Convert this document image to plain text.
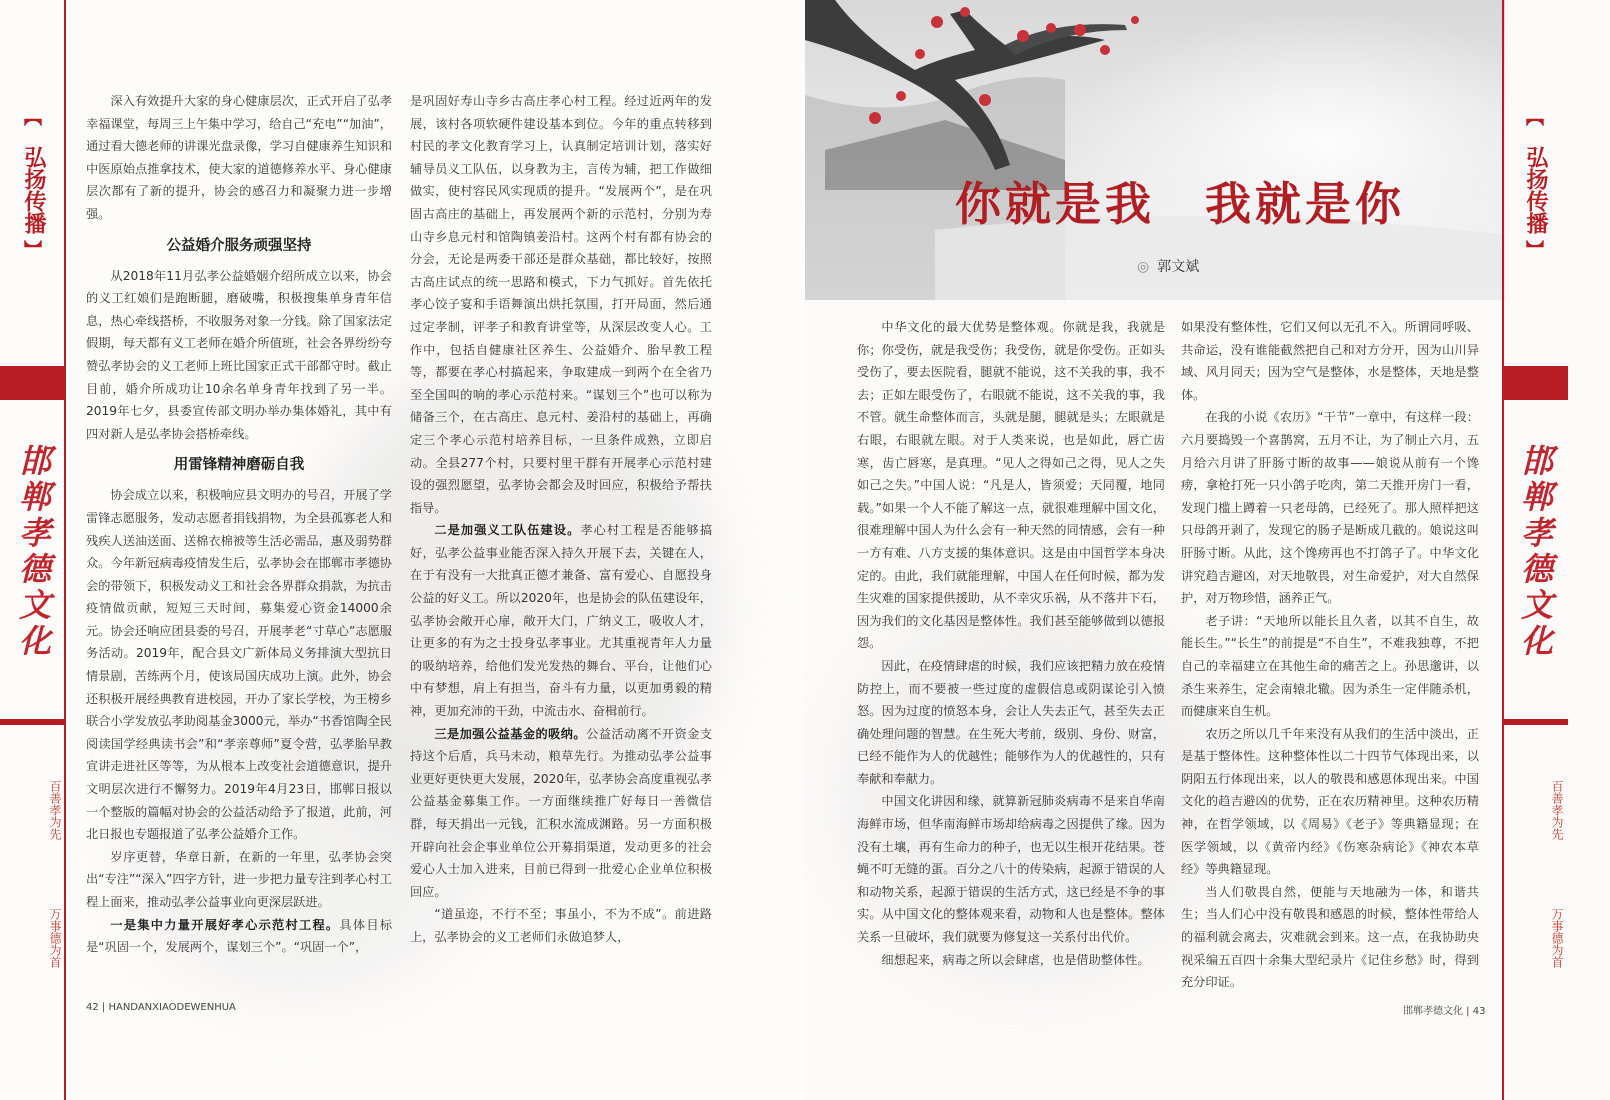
︻
弘扬传播
︼
邯郸孝德文化
百善孝为先
万事德为首

深入有效提升大家的身心健康层次，正式开启了弘孝幸福课堂，每周三上午集中学习，给自己“充电”“加油”，通过看大德老师的讲课光盘录像，学习自健康养生知识和中医原始点推拿技术，使大家的道德修养水平、身心健康层次都有了新的提升，协会的感召力和凝聚力进一步增强。

公益婚介服务顽强坚持

从2018年11月弘孝公益婚姻介绍所成立以来，协会的义工红娘们是跑断腿，磨破嘴，积极搜集单身青年信息，热心牵线搭桥，不收服务对象一分钱。除了国家法定假期，每天都有义工老师在婚介所值班，社会各界纷纷夸赞弘孝协会的义工老师上班比国家正式干部都守时。截止目前，婚介所成功让10余名单身青年找到了另一半。2019年七夕，县委宣传部文明办举办集体婚礼，其中有四对新人是弘孝协会搭桥牵线。

用雷锋精神磨砺自我

协会成立以来，积极响应县文明办的号召，开展了学雷锋志愿服务，发动志愿者捐钱捐物，为全县孤寡老人和残疾人送油送面、送棉衣棉被等生活必需品，惠及弱势群众。今年新冠病毒疫情发生后，弘孝协会在邯郸市孝德协会的带领下，积极发动义工和社会各界群众捐款，为抗击疫情做贡献，短短三天时间，募集爱心资金14000余元。协会还响应团县委的号召，开展孝老“寸草心”志愿服务活动。2019年，配合县文广新体局义务排演大型抗日情景剧，苦练两个月，使该局国庆成功上演。此外，协会还积极开展经典教育进校园，开办了家长学校，为王榜乡联合小学发放弘孝助阅基金3000元，举办“书香馆陶全民阅读国学经典读书会”和“孝亲尊师”夏令营，弘孝胎早教宣讲走进社区等等，为从根本上改变社会道德意识，提升文明层次进行不懈努力。2019年4月23日，邯郸日报以一个整版的篇幅对协会的公益活动给予了报道，此前，河北日报也专题报道了弘孝公益婚介工作。

岁序更替，华章日新，在新的一年里，弘孝协会突出“专注”“深入”四字方针，进一步把力量专注到孝心村工程上面来，推动弘孝公益事业向更深层跃进。

一是集中力量开展好孝心示范村工程。具体目标是“巩固一个，发展两个，谋划三个”。“巩固一个”，

是巩固好寿山寺乡古高庄孝心村工程。经过近两年的发展，该村各项软硬件建设基本到位。今年的重点转移到村民的孝文化教育学习上，认真制定培训计划，落实好辅导员义工队伍，以身教为主，言传为辅，把工作做细做实，使村容民风实现质的提升。“发展两个”，是在巩固古高庄的基础上，再发展两个新的示范村，分别为寿山寺乡息元村和馆陶镇姜沿村。这两个村有都有协会的分会，无论是两委干部还是群众基础，都比较好，按照古高庄试点的统一思路和模式，下力气抓好。首先依托孝心饺子宴和手语舞演出烘托氛围，打开局面，然后通过定孝制，评孝子和教育讲堂等，从深层改变人心。工作中，包括自健康社区养生、公益婚介、胎早教工程等，都要在孝心村搞起来，争取建成一到两个在全省乃至全国叫的响的孝心示范村来。“谋划三个”也可以称为储备三个，在古高庄、息元村、姜沿村的基础上，再确定三个孝心示范村培养目标，一旦条件成熟，立即启动。全县277个村，只要村里干群有开展孝心示范村建设的强烈愿望，弘孝协会都会及时回应，积极给予帮扶指导。

二是加强义工队伍建设。孝心村工程是否能够搞好，弘孝公益事业能否深入持久开展下去，关键在人，在于有没有一大批真正德才兼备、富有爱心、自愿投身公益的好义工。所以2020年，也是协会的队伍建设年，弘孝协会敞开心扉，敞开大门，广纳义工，吸收人才，让更多的有为之士投身弘孝事业。尤其重视青年人力量的吸纳培养，给他们发光发热的舞台、平台，让他们心中有梦想，肩上有担当，奋斗有力量，以更加勇毅的精神，更加充沛的干劲，中流击水、奋楫前行。

三是加强公益基金的吸纳。公益活动离不开资金支持这个后盾，兵马未动，粮草先行。为推动弘孝公益事业更好更快更大发展，2020年，弘孝协会高度重视弘孝公益基金募集工作。一方面继续推广好每日一善微信群，每天捐出一元钱，汇积水流成渊路。另一方面积极开辟向社会企事业单位公开募捐渠道，发动更多的社会爱心人士加入进来，目前已得到一批爱心企业单位积极回应。

“道虽迩，不行不至；事虽小，不为不成”。前进路上，弘孝协会的义工老师们永做追梦人，

42 | HANDANXIAODEWENHUA
你就是我　我就是你
◎ 郭文斌

中华文化的最大优势是整体观。你就是我，我就是你；你受伤，就是我受伤；我受伤，就是你受伤。正如头受伤了，要去医院看，腿就不能说，这不关我的事，我不去；正如左眼受伤了，右眼就不能说，这不关我的事，我不管。就生命整体而言，头就是腿，腿就是头；左眼就是右眼，右眼就左眼。对于人类来说，也是如此，唇亡齿寒，齿亡唇寒，是真理。“见人之得如己之得，见人之失如己之失。”中国人说：“凡是人，皆须爱；天同覆，地同载。”如果一个人不能了解这一点，就很难理解中国文化，很难理解中国人为什么会有一种天然的同情感，会有一种一方有难、八方支援的集体意识。这是由中国哲学本身决定的。由此，我们就能理解，中国人在任何时候，都为发生灾难的国家提供援助，从不幸灾乐祸，从不落井下石，因为我们的文化基因是整体性。我们甚至能够做到以德报怨。

因此，在疫情肆虐的时候，我们应该把精力放在疫情防控上，而不要被一些过度的虚假信息或阴谋论引入愤怒。因为过度的愤怒本身，会让人失去正气，甚至失去正确处理问题的智慧。在生死大考前，级别、身份、财富，已经不能作为人的优越性；能够作为人的优越性的，只有奉献和奉献力。

中国文化讲因和缘，就算新冠肺炎病毒不是来自华南海鲜市场，但华南海鲜市场却给病毒之因提供了缘。因为没有土壤，再有生命力的种子，也无以生根开花结果。苍蝇不叮无缝的蛋。百分之八十的传染病，起源于错误的人和动物关系，起源于错误的生活方式，这已经是不争的事实。从中国文化的整体观来看，动物和人也是整体。整体关系一旦破坏，我们就要为修复这一关系付出代价。

细想起来，病毒之所以会肆虐，也是借助整体性。

如果没有整体性，它们又何以无孔不入。所谓同呼吸、共命运，没有谁能截然把自己和对方分开，因为山川异域、风月同天；因为空气是整体，水是整体，天地是整体。

在我的小说《农历》“干节”一章中，有这样一段：六月要捣毁一个喜鹊窝，五月不让，为了制止六月，五月给六月讲了肝肠寸断的故事——娘说从前有一个馋痨，拿枪打死一只小鸽子吃肉，第二天推开房门一看，发现门槛上蹲着一只老母鸽，已经死了。那人照样把这只母鸽开剥了，发现它的肠子是断成几截的。娘说这叫肝肠寸断。从此，这个馋痨再也不打鸽子了。中华文化讲究趋吉避凶，对天地敬畏，对生命爱护，对大自然保护，对万物珍惜，涵养正气。

老子讲：“天地所以能长且久者，以其不自生，故能长生。”“长生”的前提是“不自生”，不难我独尊，不把自己的幸福建立在其他生命的痛苦之上。孙思邈讲，以杀生来养生，定会南辕北辙。因为杀生一定伴随杀机，而健康来自生机。

农历之所以几千年来没有从我们的生活中淡出，正是基于整体性。这种整体性以二十四节气体现出来，以阴阳五行体现出来，以人的敬畏和感恩体现出来。中国文化的趋吉避凶的优势，正在农历精神里。这种农历精神，在哲学领域，以《周易》《老子》等典籍显现；在医学领域，以《黄帝内经》《伤寒杂病论》《神农本草经》等典籍显现。

当人们敬畏自然，便能与天地融为一体，和谐共生；当人们心中没有敬畏和感恩的时候，整体性带给人的福利就会离去，灾难就会到来。这一点，在我协助央视采编五百四十余集大型纪录片《记住乡愁》时，得到充分印证。

邯郸孝德文化 | 43
︻
弘扬传播
︼
邯郸孝德文化
百善孝为先
万事德为首
